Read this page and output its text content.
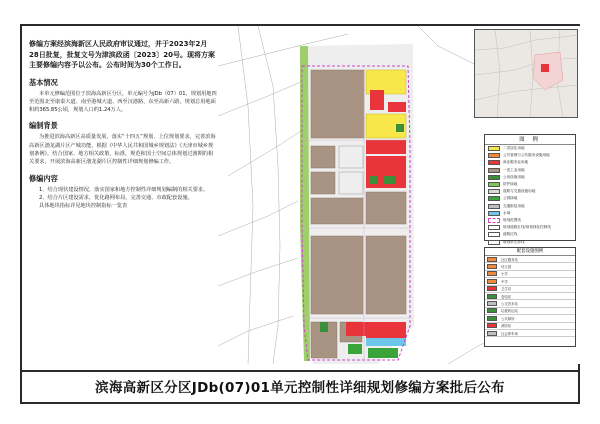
修编方案经滨海新区人民政府审议通过，并于2023年2月28日批复，批复文号为津滨政函〔2023〕20号。现将方案主要修编内容予以公布。公布时间为30个工作日。
基本情况
本单元修编范围位于滨海高新区分区，单元编号为JDb（07）01，规划用地四至范围北至康泰大道、南至港城大道、西至汉港路、东至高新六路，规划总用地面积约365.85公顷，规划人口约1.24万人。
编制背景
为推进滨海高新区高质量发展，落实“十四五”规划、上位规划要求，完善滨海高新区渤龙湖片区产城功能，根据《中华人民共和国城乡规划法》《天津市城乡规划条例》，结合国家、地方相关政策，标准，规范和国土空间总体规划过渡期的相关要求，开展滨海高新区渤龙湖片区控制性详细规划修编工作。
修编内容
1、结合现状建设情况，落实国家和地方控制性详细规划编制的相关要求。
2、结合片区建设需求，优化路网布局，完善交通、市政配套设施。
具体地块指标详见地块控制指标一览表
图 例
二类居住用地
公共管理与公共服务设施用地
商业服务业用地
一类工业用地
公用设施用地
防护绿地
道路与交通设施用地
公园绿地
交通枢纽用地
水域
规划范围线
规划道路红线/规划绿化控制线
道路红线
规划单元界线
配套设施图例
社区服务站
幼儿园
小学
中学
卫生站
变电站
公交首末站
垃圾转运站
公共厕所
消防站
社会停车场
滨海高新区分区JDb(07)01单元控制性详细规划修编方案批后公布
